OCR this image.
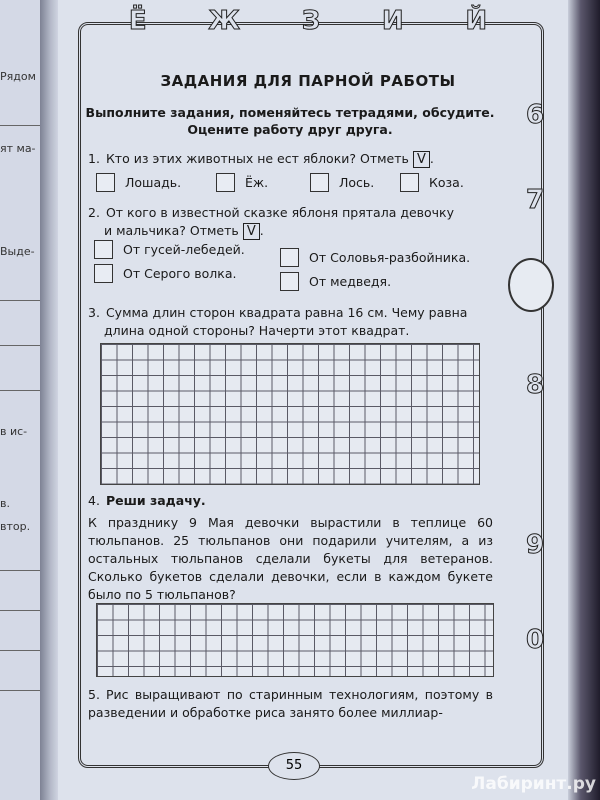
Рядом
ят ма-
Выде-
в ис-
в.
втор.
Ё Ж З И Й
6
7
8
9
0
ЗАДАНИЯ ДЛЯ ПАРНОЙ РАБОТЫ
Выполните задания, поменяйтесь тетрадями, обсудите.
Оцените работу друг друга.
1. Кто из этих животных не ест яблоки? Отметь V .
Лошадь.	Ёж.	Лось.	Коза.
2. От кого в известной сказке яблоня прятала девочку
и мальчика? Отметь V .
От гусей-лебедей.
От Соловья-разбойника.
От Серого волка.
От медведя.
3. Сумма длин сторон квадрата равна 16 см. Чему равна
длина одной стороны? Начерти этот квадрат.
4. Реши задачу.
К празднику 9 Мая девочки вырастили в теплице 60 тюльпанов. 25 тюльпанов они подарили учителям, а из остальных тюльпанов сделали букеты для ветеранов. Сколько букетов сделали девочки, если в каждом букете было по 5 тюльпанов?
5. Рис выращивают по старинным технологиям, поэтому в разведении и обработке риса занято более миллиар-
55
Лабиринт.ру
